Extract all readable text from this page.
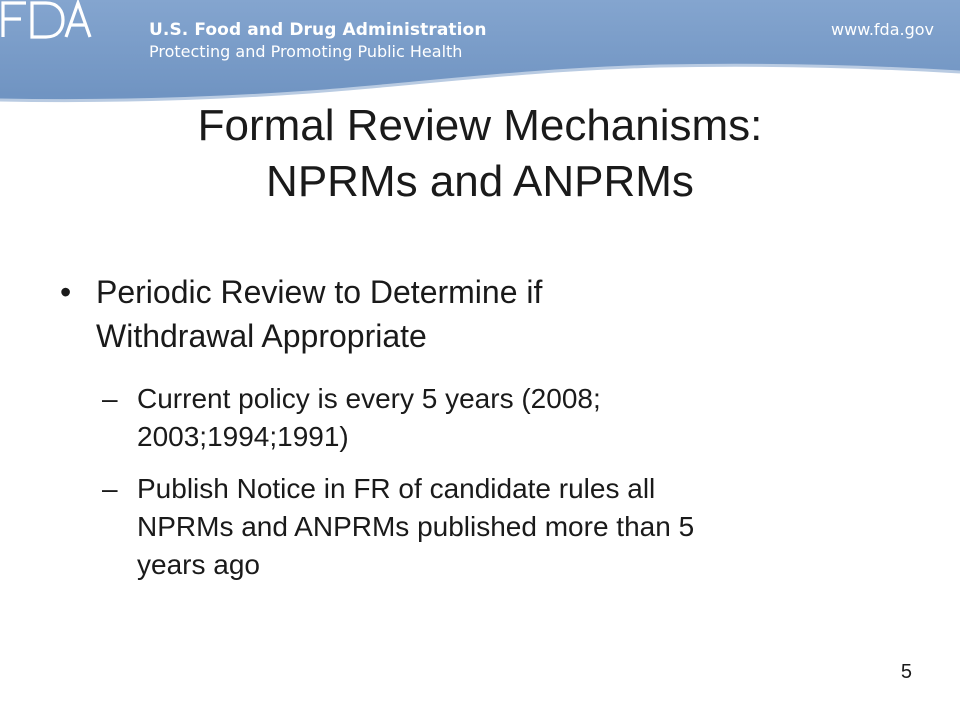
U.S. Food and Drug Administration
Protecting and Promoting Public Health
www.fda.gov
Formal Review Mechanisms:
NPRMs and ANPRMs
• Periodic Review to Determine if
Withdrawal Appropriate
– Current policy is every 5 years (2008;
2003;1994;1991)
– Publish Notice in FR of candidate rules all
NPRMs and ANPRMs published more than 5
years ago
5
